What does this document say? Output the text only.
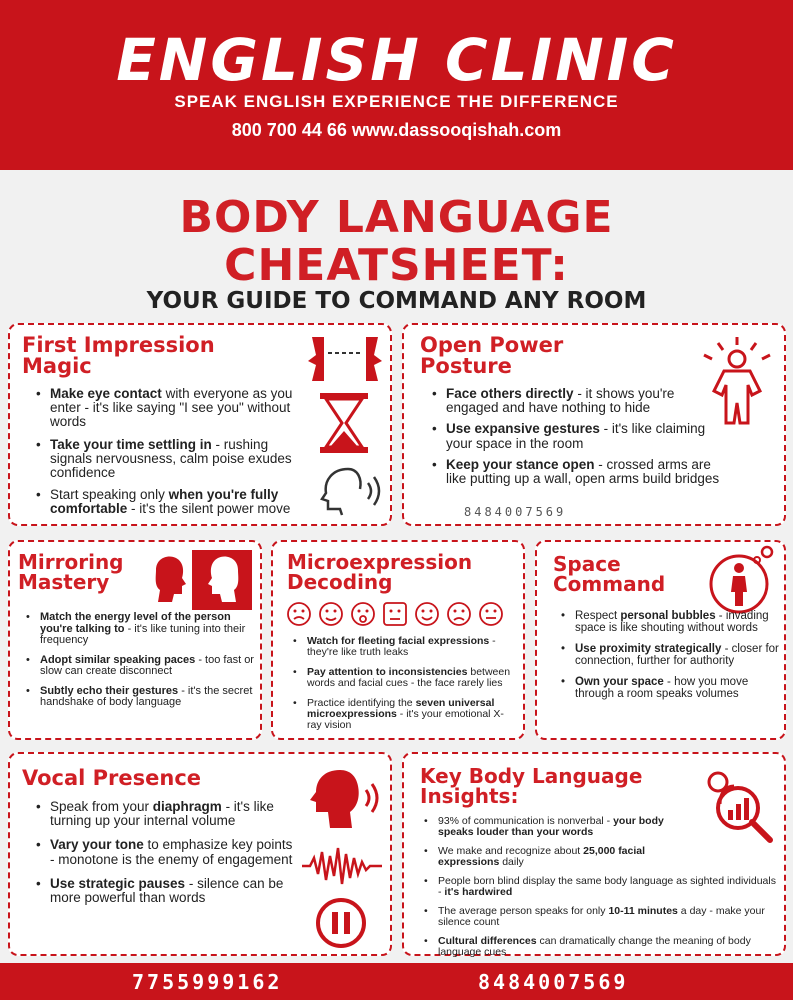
ENGLISH CLINIC
SPEAK ENGLISH EXPERIENCE THE DIFFERENCE
800 700 44 66 www.dassooqishah.com
BODY LANGUAGE
CHEATSHEET:
YOUR GUIDE TO COMMAND ANY ROOM
First Impression
Magic
• Make eye contact with everyone as you enter - it's like saying "I see you" without words
• Take your time settling in - rushing signals nervousness, calm poise exudes confidence
• Start speaking only when you're fully comfortable - it's the silent power move
Open Power
Posture
• Face others directly - it shows you're engaged and have nothing to hide
• Use expansive gestures - it's like claiming your space in the room
• Keep your stance open - crossed arms are like putting up a wall, open arms build bridges
8484007569
Mirroring
Mastery
• Match the energy level of the person you're talking to - it's like tuning into their frequency
• Adopt similar speaking paces - too fast or slow can create disconnect
• Subtly echo their gestures - it's the secret handshake of body language
Microexpression
Decoding
• Watch for fleeting facial expressions - they're like truth leaks
• Pay attention to inconsistencies between words and facial cues - the face rarely lies
• Practice identifying the seven universal microexpressions - it's your emotional X-ray vision
Space
Command
• Respect personal bubbles - invading space is like shouting without words
• Use proximity strategically - closer for connection, further for authority
• Own your space - how you move through a room speaks volumes
Vocal Presence
• Speak from your diaphragm - it's like turning up your internal volume
• Vary your tone to emphasize key points - monotone is the enemy of engagement
• Use strategic pauses - silence can be more powerful than words
Key Body Language
Insights:
• 93% of communication is nonverbal - your body speaks louder than your words
• We make and recognize about 25,000 facial expressions daily
• People born blind display the same body language as sighted individuals - it's hardwired
• The average person speaks for only 10-11 minutes a day - make your silence count
• Cultural differences can dramatically change the meaning of body language cues
7755999162	8484007569
